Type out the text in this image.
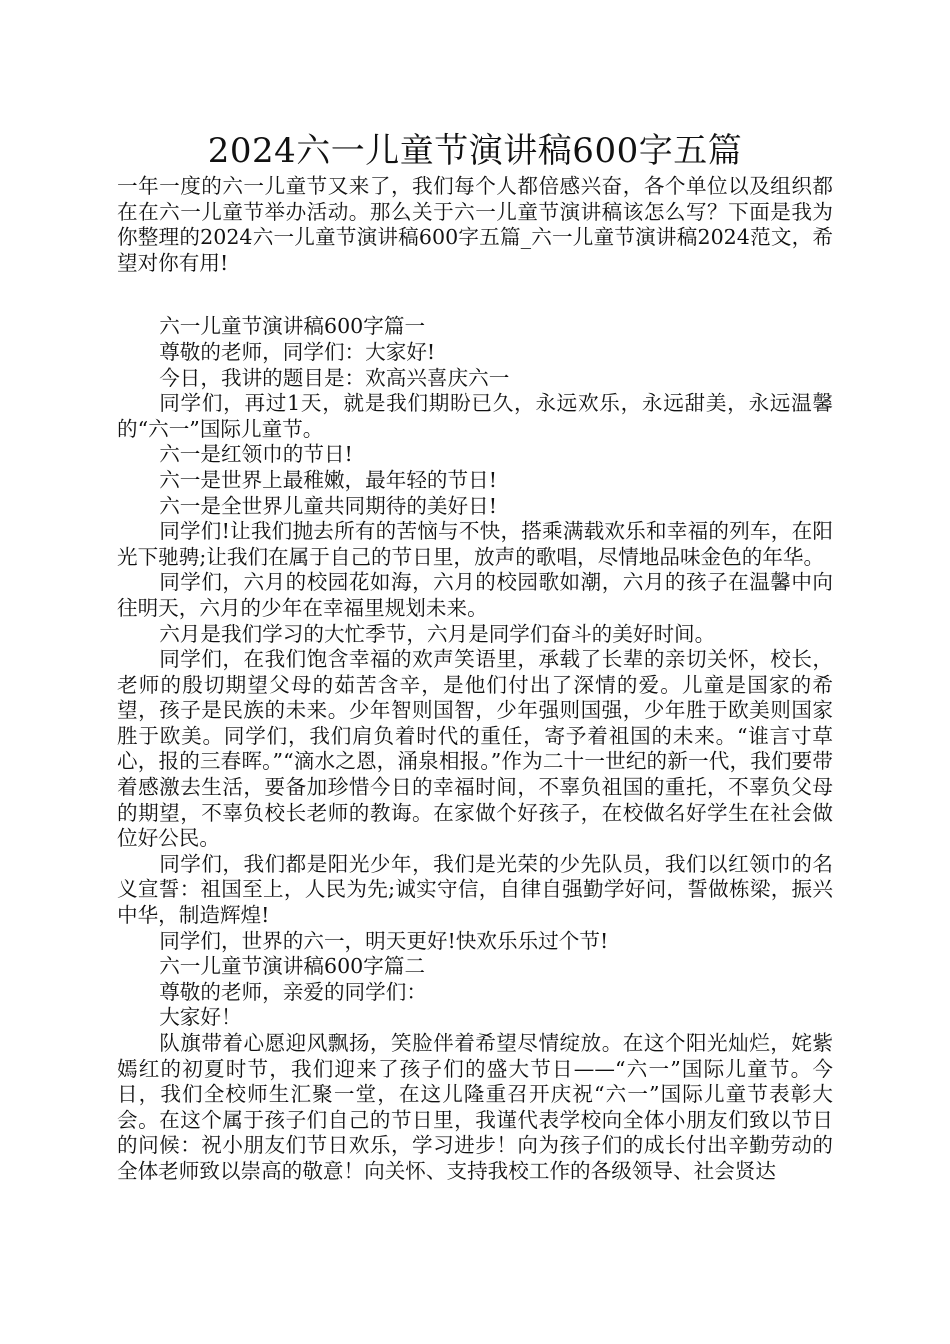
2024六一儿童节演讲稿600字五篇

一年一度的六一儿童节又来了，我们每个人都倍感兴奋，各个单位以及组织都在在六一儿童节举办活动。那么关于六一儿童节演讲稿该怎么写？下面是我为你整理的2024六一儿童节演讲稿600字五篇_六一儿童节演讲稿2024范文，希望对你有用!

六一儿童节演讲稿600字篇一

尊敬的老师，同学们：大家好!

今日，我讲的题目是：欢高兴喜庆六一

同学们，再过1天，就是我们期盼已久，永远欢乐，永远甜美，永远温馨的“六一”国际儿童节。

六一是红领巾的节日!

六一是世界上最稚嫩，最年轻的节日!

六一是全世界儿童共同期待的美好日!

同学们!让我们抛去所有的苦恼与不快，搭乘满载欢乐和幸福的列车，在阳光下驰骋;让我们在属于自己的节日里，放声的歌唱，尽情地品味金色的年华。

同学们，六月的校园花如海，六月的校园歌如潮，六月的孩子在温馨中向往明天，六月的少年在幸福里规划未来。

六月是我们学习的大忙季节，六月是同学们奋斗的美好时间。

同学们，在我们饱含幸福的欢声笑语里，承载了长辈的亲切关怀，校长，老师的殷切期望父母的茹苦含辛，是他们付出了深情的爱。儿童是国家的希望，孩子是民族的未来。少年智则国智，少年强则国强，少年胜于欧美则国家胜于欧美。同学们，我们肩负着时代的重任，寄予着祖国的未来。“谁言寸草心，报的三春晖。”“滴水之恩，涌泉相报。”作为二十一世纪的新一代，我们要带着感激去生活，要备加珍惜今日的幸福时间，不辜负祖国的重托，不辜负父母的期望，不辜负校长老师的教诲。在家做个好孩子，在校做名好学生在社会做位好公民。

同学们，我们都是阳光少年，我们是光荣的少先队员，我们以红领巾的名义宣誓：祖国至上，人民为先;诚实守信，自律自强勤学好问，誓做栋梁，振兴中华，制造辉煌!

同学们，世界的六一，明天更好!快欢乐乐过个节!

六一儿童节演讲稿600字篇二

尊敬的老师，亲爱的同学们：

大家好！

队旗带着心愿迎风飘扬，笑脸伴着希望尽情绽放。在这个阳光灿烂，姹紫嫣红的初夏时节，我们迎来了孩子们的盛大节日——“六一”国际儿童节。今日，我们全校师生汇聚一堂，在这儿隆重召开庆祝“六一”国际儿童节表彰大会。在这个属于孩子们自己的节日里，我谨代表学校向全体小朋友们致以节日的问候：祝小朋友们节日欢乐，学习进步！向为孩子们的成长付出辛勤劳动的全体老师致以崇高的敬意！向关怀、支持我校工作的各级领导、社会贤达
